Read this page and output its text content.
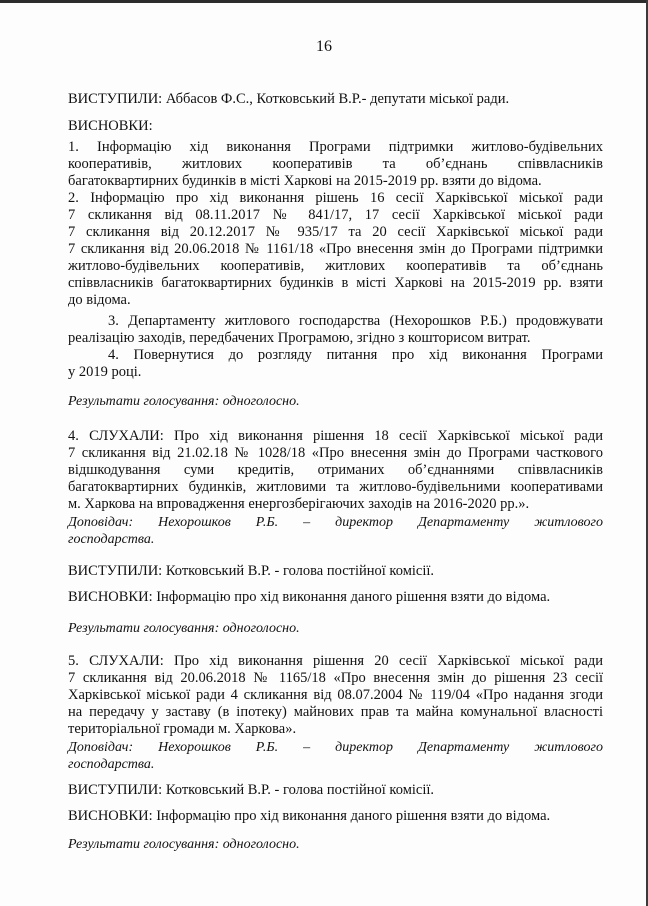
16
ВИСТУПИЛИ: Аббасов Ф.С., Котковський В.Р.- депутати міської ради.
ВИСНОВКИ:
1. Інформацію хід виконання Програми підтримки житлово-будівельних
кооперативів, житлових кооперативів та об’єднань співвласників
багатоквартирних будинків в місті Харкові на 2015-2019 рр. взяти до відома.
2. Інформацію про хід виконання рішень 16 сесії Харківської міської ради
7 скликання від 08.11.2017 № 841/17, 17 сесії Харківської міської ради
7 скликання від 20.12.2017 № 935/17 та 20 сесії Харківської міської ради
7 скликання від 20.06.2018 № 1161/18 «Про внесення змін до Програми підтримки
житлово-будівельних кооперативів, житлових кооперативів та об’єднань
співвласників багатоквартирних будинків в місті Харкові на 2015-2019 рр. взяти
до відома.
3. Департаменту житлового господарства (Нехорошков Р.Б.) продовжувати
реалізацію заходів, передбачених Програмою, згідно з кошторисом витрат.
4. Повернутися до розгляду питання про хід виконання Програми
у 2019 році.
Результати голосування: одноголосно.
4. СЛУХАЛИ: Про хід виконання рішення 18 сесії Харківської міської ради
7 скликання від 21.02.18 № 1028/18 «Про внесення змін до Програми часткового
відшкодування суми кредитів, отриманих об’єднаннями співвласників
багатоквартирних будинків, житловими та житлово-будівельними кооперативами
м. Харкова на впровадження енергозберігаючих заходів на 2016-2020 рр.».
Доповідач: Нехорошков Р.Б. – директор Департаменту житлового
господарства.
ВИСТУПИЛИ: Котковський В.Р. - голова постійної комісії.
ВИСНОВКИ: Інформацію про хід виконання даного рішення взяти до відома.
Результати голосування: одноголосно.
5. СЛУХАЛИ: Про хід виконання рішення 20 сесії Харківської міської ради
7 скликання від 20.06.2018 № 1165/18 «Про внесення змін до рішення 23 сесії
Харківської міської ради 4 скликання від 08.07.2004 № 119/04 «Про надання згоди
на передачу у заставу (в іпотеку) майнових прав та майна комунальної власності
територіальної громади м. Харкова».
Доповідач: Нехорошков Р.Б. – директор Департаменту житлового
господарства.
ВИСТУПИЛИ: Котковський В.Р. - голова постійної комісії.
ВИСНОВКИ: Інформацію про хід виконання даного рішення взяти до відома.
Результати голосування: одноголосно.
